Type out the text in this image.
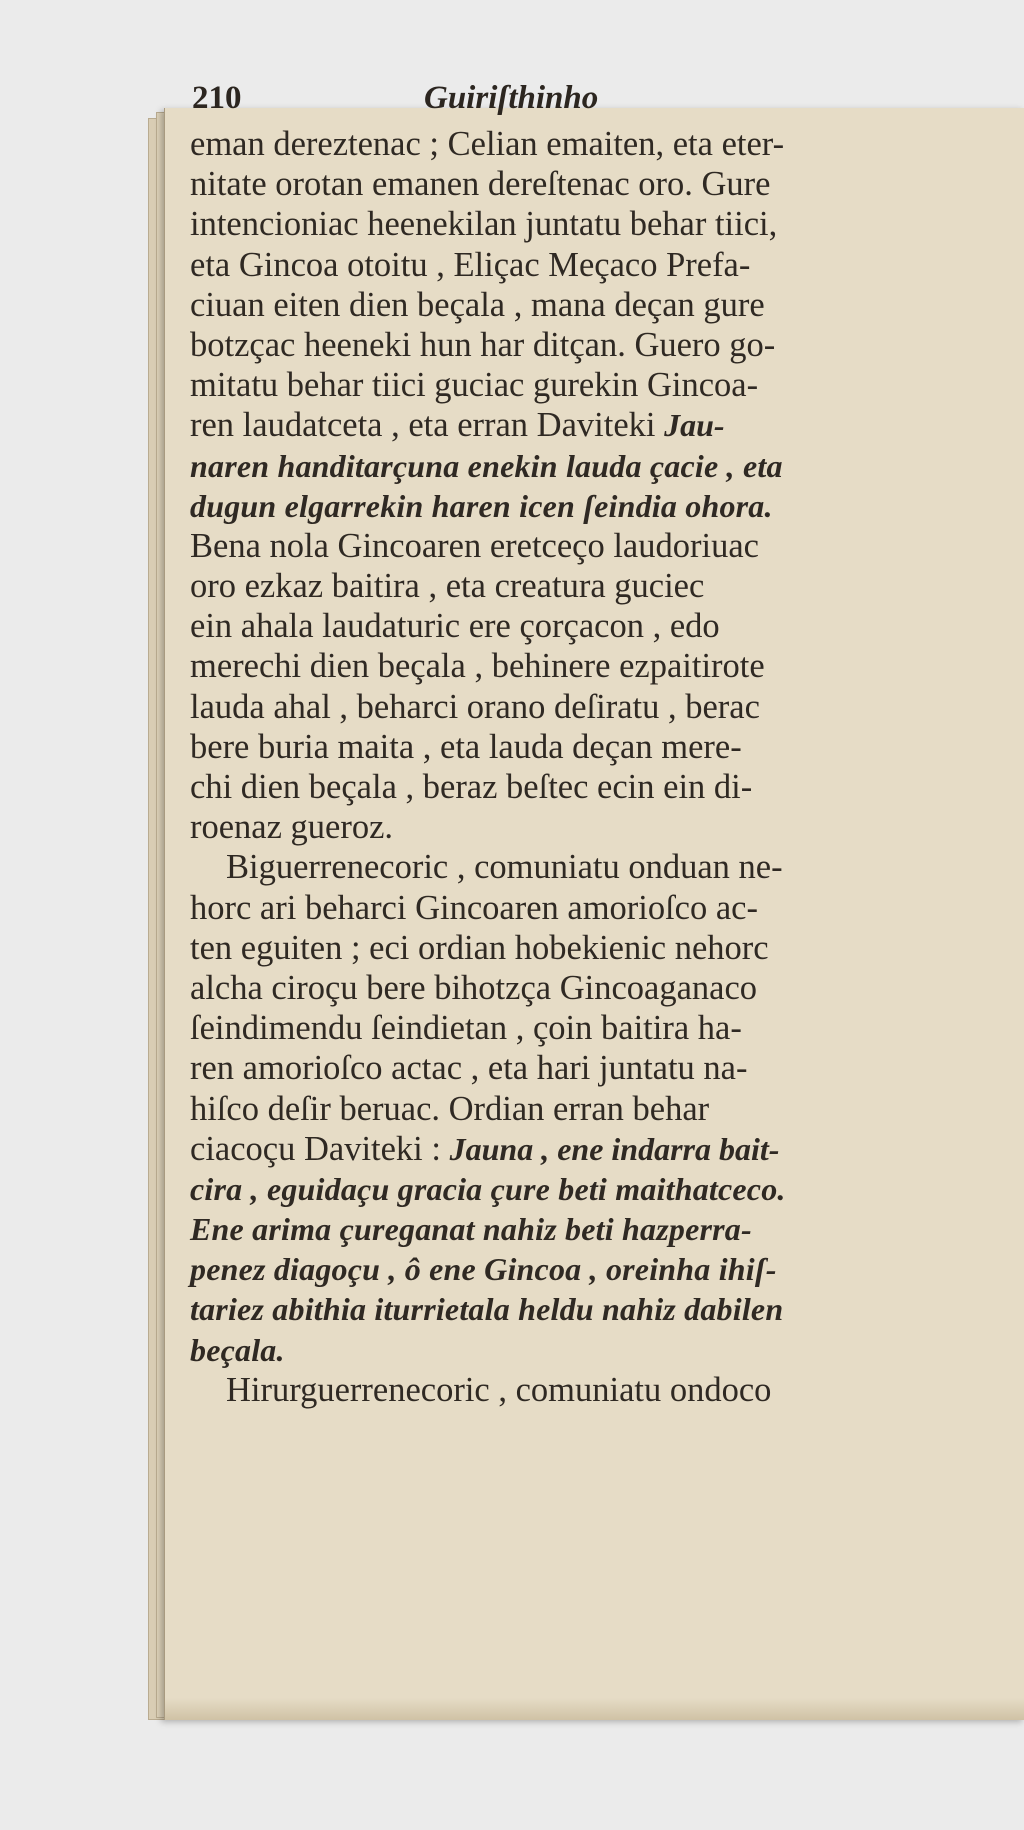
210	Guiriſthinho
eman dereztenac ; Celian emaiten, eta eter-
nitate orotan emanen dereſtenac oro. Gure
intencioniac heenekilan juntatu behar tiici,
eta Gincoa otoitu , Eliçac Meçaco Prefa-
ciuan eiten dien beçala , mana deçan gure
botzçac heeneki hun har ditçan. Guero go-
mitatu behar tiici guciac gurekin Gincoa-
ren laudatceta , eta erran Daviteki Jau-
naren handitarçuna enekin lauda çacie , eta
dugun elgarrekin haren icen ſeindia ohora.
Bena nola Gincoaren eretceço laudoriuac
oro ezkaz baitira , eta creatura guciec
ein ahala laudaturic ere çorçacon , edo
merechi dien beçala , behinere ezpaitirote
lauda ahal , beharci orano deſiratu , berac
bere buria maita , eta lauda deçan mere-
chi dien beçala , beraz beſtec ecin ein di-
roenaz gueroz.
Biguerrenecoric , comuniatu onduan ne-
horc ari beharci Gincoaren amorioſco ac-
ten eguiten ; eci ordian hobekienic nehorc
alcha ciroçu bere bihotzça Gincoaganaco
ſeindimendu ſeindietan , çoin baitira ha-
ren amorioſco actac , eta hari juntatu na-
hiſco deſir beruac. Ordian erran behar
ciacoçu Daviteki : Jauna , ene indarra bait-
cira , eguidaçu gracia çure beti maithatceco.
Ene arima çureganat nahiz beti hazperra-
penez diagoçu , ô ene Gincoa , oreinha ihiſ-
tariez abithia iturrietala heldu nahiz dabilen
beçala.
Hirurguerrenecoric , comuniatu ondoco
